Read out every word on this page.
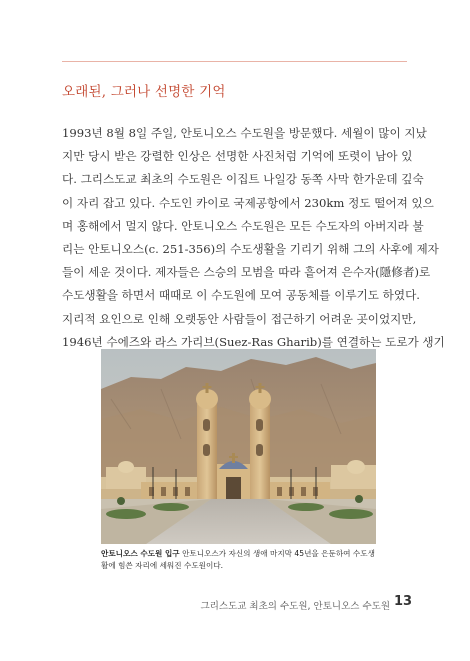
오래된, 그러나 선명한 기억
1993년 8월 8일 주일, 안토니오스 수도원을 방문했다. 세월이 많이 지났
지만 당시 받은 강렬한 인상은 선명한 사진처럼 기억에 또렷이 남아 있
다. 그리스도교 최초의 수도원은 이집트 나일강 동쪽 사막 한가운데 깊숙
이 자리 잡고 있다. 수도인 카이로 국제공항에서 230km 정도 떨어져 있으
며 홍해에서 멀지 않다. 안토니오스 수도원은 모든 수도자의 아버지라 불
리는 안토니오스(c. 251-356)의 수도생활을 기리기 위해 그의 사후에 제자
들이 세운 것이다. 제자들은 스승의 모범을 따라 흩어져 은수자(隱修者)로
수도생활을 하면서 때때로 이 수도원에 모여 공동체를 이루기도 하였다.
지리적 요인으로 인해 오랫동안 사람들이 접근하기 어려운 곳이었지만,
1946년 수에즈와 라스 가리브(Suez-Ras Gharib)를 연결하는 도로가 생기
안토니오스 수도원 입구 안토니오스가 자신의 생애 마지막 45년을 은둔하여 수도생활에 힘쓴 자리에 세워진 수도원이다.
그리스도교 최초의 수도원, 안토니오스 수도원 13
